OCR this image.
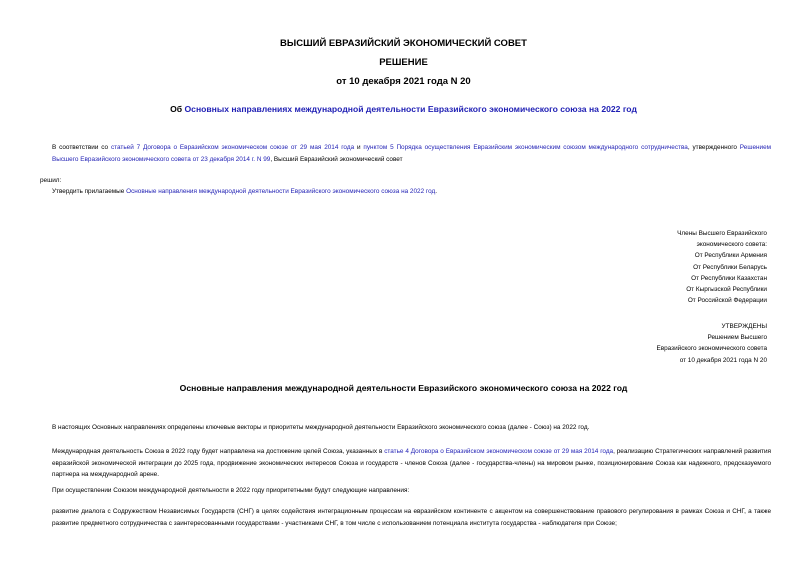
ВЫСШИЙ ЕВРАЗИЙСКИЙ ЭКОНОМИЧЕСКИЙ СОВЕТ
РЕШЕНИЕ
от 10 декабря 2021 года N 20
Об Основных направлениях международной деятельности Евразийского экономического союза на 2022 год
В соответствии со статьей 7 Договора о Евразийском экономическом союзе от 29 мая 2014 года и пунктом 5 Порядка осуществления Евразийским экономическим союзом международного сотрудничества, утвержденного Решением Высшего Евразийского экономического совета от 23 декабря 2014 г. N 99, Высший Евразийский экономический совет
решил:
Утвердить прилагаемые Основные направления международной деятельности Евразийского экономического союза на 2022 год.
Члены Высшего Евразийского
экономического совета:
От Республики Армения
От Республики Беларусь
От Республики Казахстан
От Кыргызской Республики
От Российской Федерации
УТВЕРЖДЕНЫ
Решением Высшего
Евразийского экономического совета
от 10 декабря 2021 года N 20
Основные направления международной деятельности Евразийского экономического союза на 2022 год
В настоящих Основных направлениях определены ключевые векторы и приоритеты международной деятельности Евразийского экономического союза (далее - Союз) на 2022 год.
Международная деятельность Союза в 2022 году будет направлена на достижение целей Союза, указанных в статье 4 Договора о Евразийском экономическом союзе от 29 мая 2014 года, реализацию Стратегических направлений развития евразийской экономической интеграции до 2025 года, продвижение экономических интересов Союза и государств - членов Союза (далее - государства-члены) на мировом рынке, позиционирование Союза как надежного, предсказуемого партнера на международной арене.
При осуществлении Союзом международной деятельности в 2022 году приоритетными будут следующие направления:
развитие диалога с Содружеством Независимых Государств (СНГ) в целях содействия интеграционным процессам на евразийском континенте с акцентом на совершенствование правового регулирования в рамках Союза и СНГ, а также развитие предметного сотрудничества с заинтересованными государствами - участниками СНГ, в том числе с использованием потенциала института государства - наблюдателя при Союзе;
